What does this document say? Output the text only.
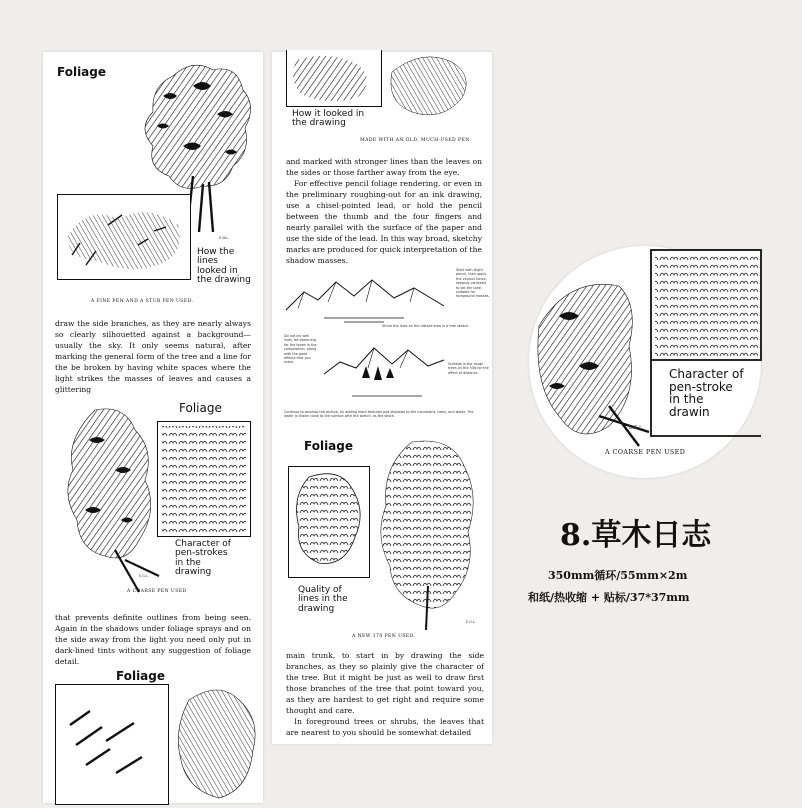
Foliage
How the
lines
looked in
the drawing
E.W.L.
A FINE PEN AND A STUB PEN USED.
draw the side branches, as they are nearly always so clearly silhouetted against a background—usually the sky. It only seems natural, after marking the general form of the tree and a line for the be broken by having white spaces where the light strikes the masses of leaves and causes a glittering
Foliage
Character of
pen-strokes
in the
drawing
E.G.L.
A COARSE PEN USED
that prevents definite outlines from being seen. Again in the shadows under foliage sprays and on the side away from the light you need only put in dark-lined tints without any suggestion of foliage detail.
Foliage
How it looked in
the drawing
MADE WITH AN OLD, MUCH-USED PEN.
and marked with stronger lines than the leaves on the sides or those farther away from the eye.
For effective pencil foliage rendering, or even in the preliminary roughing-out for an ink drawing, use a chisel-pointed lead, or hold the pencil between the thumb and the four fingers and nearly parallel with the surface of the paper and use the side of the lead. In this way broad, sketchy marks are produced for quick interpretation of the shadow masses.
Start with slight pencil, then apply the various tones, keeping contrasts to set the tone, suitable for foreground masses.
Strive the lines on the distant area in a free sketch.
Do not lay well lines, be swarming for the tones in the composition, along with the good effects that you make.	Scribble in the rough trees on the hills for the effect of distance.
Continue to develop the picture, by adding more textures and shadows to the mountains, trees, and water. The water is drawn close to the surface with the sketch, as the shore.
Foliage
Quality of
lines in the
drawing
E.G.L.
A NEW 170 PEN USED.
main trunk, to start in by drawing the side branches, as they so plainly give the character of the tree. But it might be just as well to draw first those branches of the tree that point toward you, as they are hardest to get right and require some thought and care.
In foreground trees or shrubs, the leaves that are nearest to you should be somewhat detailed
Character of
pen-stroke
in the
drawin
E.G.L.
A COARSE PEN USED
8.草木日志
350mm循环/55mm×2m
和纸/热收缩 + 贴标/37*37mm
